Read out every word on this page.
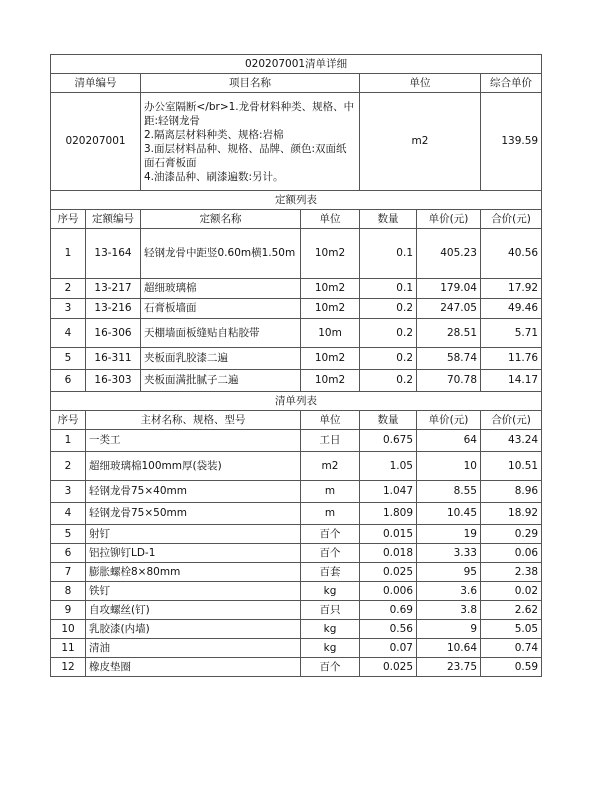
020207001清单详细						
清单编号		项目名称		单位		综合单价
020207001		办公室隔断</br>1.龙骨材料种类、规格、中距:轻钢龙骨
2.隔离层材料种类、规格:岩棉
3.面层材料品种、规格、品牌、颜色:双面纸面石膏板面
4.油漆品种、刷漆遍数:另计。		m2		139.59
定额列表						
序号	定额编号	定额名称	单位	数量	单价(元)	合价(元)
1	13-164	轻钢龙骨中距竖0.60m横1.50m	10m2	0.1	405.23	40.56
2	13-217	超细玻璃棉	10m2	0.1	179.04	17.92
3	13-216	石膏板墙面	10m2	0.2	247.05	49.46
4	16-306	天棚墙面板缝贴自粘胶带	10m	0.2	28.51	5.71
5	16-311	夹板面乳胶漆二遍	10m2	0.2	58.74	11.76
6	16-303	夹板面满批腻子二遍	10m2	0.2	70.78	14.17
清单列表						
序号	主材名称、规格、型号		单位	数量	单价(元)	合价(元)
1	一类工		工日	0.675	64	43.24
2	超细玻璃棉100mm厚(袋装)		m2	1.05	10	10.51
3	轻钢龙骨75×40mm		m	1.047	8.55	8.96
4	轻钢龙骨75×50mm		m	1.809	10.45	18.92
5	射钉		百个	0.015	19	0.29
6	铝拉铆钉LD-1		百个	0.018	3.33	0.06
7	膨胀螺栓8×80mm		百套	0.025	95	2.38
8	铁钉		kg	0.006	3.6	0.02
9	自攻螺丝(钉)		百只	0.69	3.8	2.62
10	乳胶漆(内墙)		kg	0.56	9	5.05
11	清油		kg	0.07	10.64	0.74
12	橡皮垫圈		百个	0.025	23.75	0.59
